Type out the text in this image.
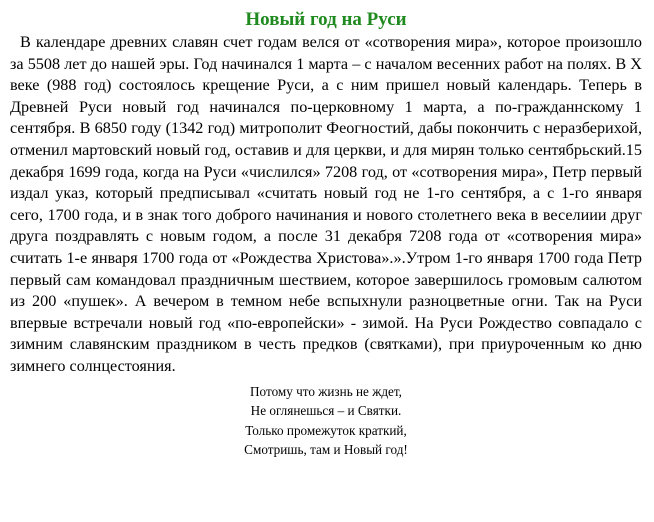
Новый год на Руси

В календаре древних славян счет годам велся от «сотворения мира», которое произошло за 5508 лет до нашей эры. Год начинался 1 марта – с началом весенних работ на полях. В X веке (988 год) состоялось крещение Руси, а с ним пришел новый календарь. Теперь в Древней Руси новый год начинался по-церковному 1 марта, а по-гражданнскому 1 сентября. В 6850 году (1342 год) митрополит Феогностий, дабы покончить с неразберихой, отменил мартовский новый год, оставив и для церкви, и для мирян только сентябрьский.15 декабря 1699 года, когда на Руси «числился» 7208 год, от «сотворения мира», Петр первый издал указ, который предписывал «считать новый год не 1-го сентября, а с 1-го января сего, 1700 года, и в знак того доброго начинания и нового столетнего века в веселиии друг друга поздравлять с новым годом, а после 31 декабря 7208 года от «сотворения мира» считать 1-е января 1700 года от «Рождества Христова».».Утром 1-го января 1700 года Петр первый сам командовал праздничным шествием, которое завершилось громовым салютом из 200 «пушек». А вечером в темном небе вспыхнули разноцветные огни. Так на Руси впервые встречали новый год «по-европейски» - зимой. На Руси Рождество совпадало с зимним славянским праздником в честь предков (святками), при приуроченным ко дню зимнего солнцестояния.

Потому что жизнь не ждет,
Не оглянешься – и Святки.
Только промежуток краткий,
Смотришь, там и Новый год!
